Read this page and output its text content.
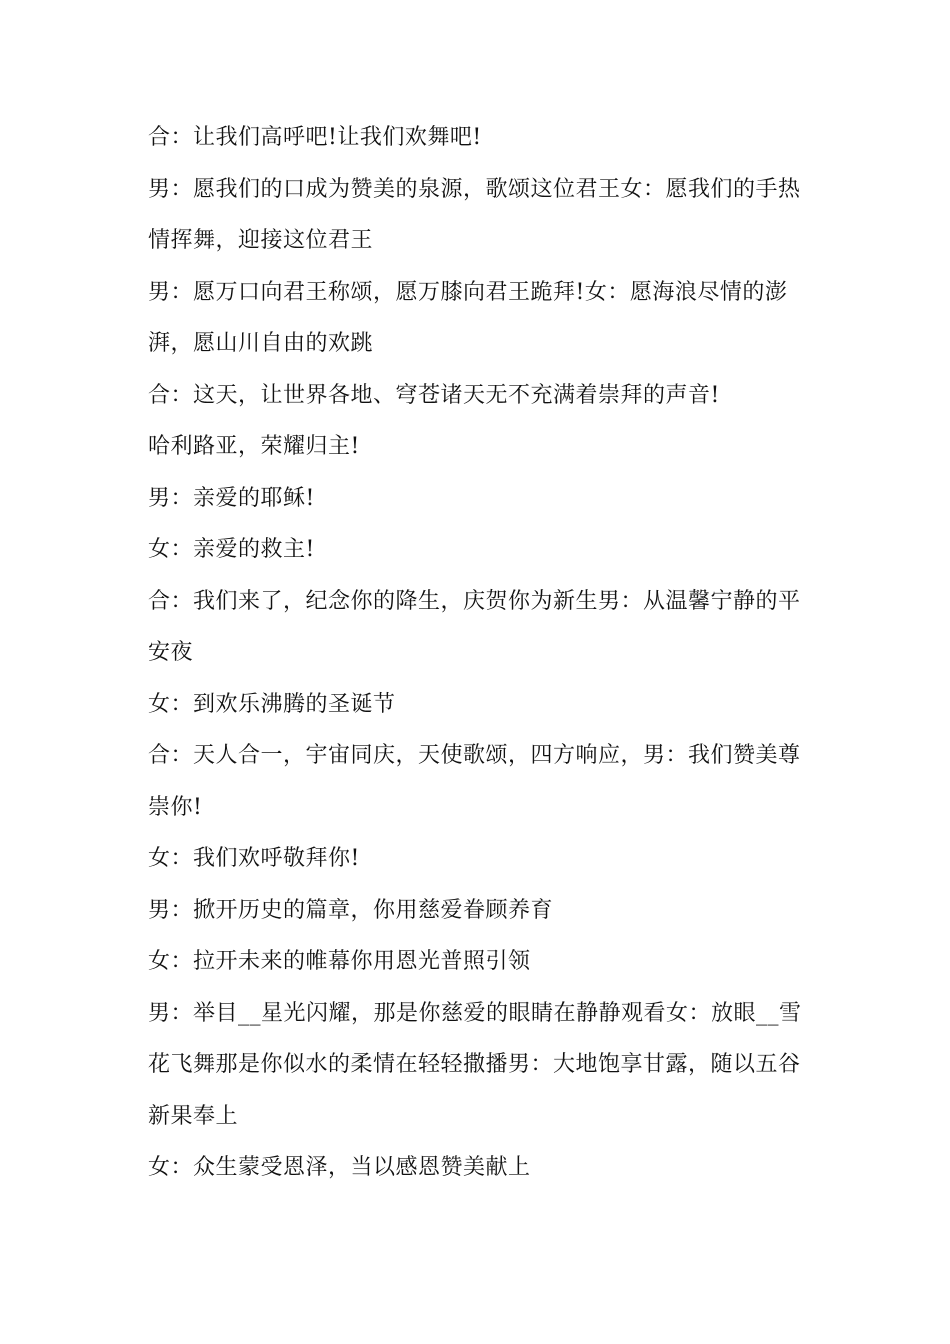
合：让我们高呼吧!让我们欢舞吧!

男：愿我们的口成为赞美的泉源，歌颂这位君王女：愿我们的手热情挥舞，迎接这位君王

男：愿万口向君王称颂，愿万膝向君王跪拜!女：愿海浪尽情的澎湃，愿山川自由的欢跳

合：这天，让世界各地、穹苍诸天无不充满着崇拜的声音!

哈利路亚，荣耀归主!

男：亲爱的耶稣!

女：亲爱的救主!

合：我们来了，纪念你的降生，庆贺你为新生男：从温馨宁静的平安夜

女：到欢乐沸腾的圣诞节

合：天人合一，宇宙同庆，天使歌颂，四方响应，男：我们赞美尊崇你!

女：我们欢呼敬拜你!

男：掀开历史的篇章，你用慈爱眷顾养育

女：拉开未来的帷幕你用恩光普照引领

男：举目__星光闪耀，那是你慈爱的眼睛在静静观看女：放眼__雪花飞舞那是你似水的柔情在轻轻撒播男：大地饱享甘露，随以五谷新果奉上

女：众生蒙受恩泽，当以感恩赞美献上
